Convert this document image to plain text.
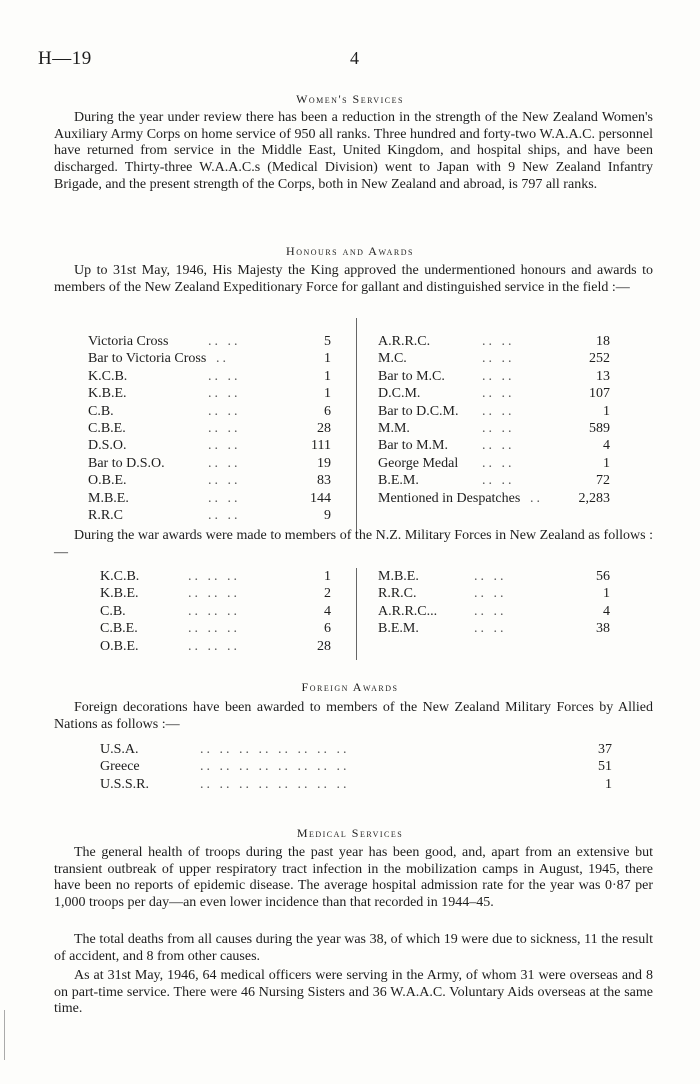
H—19	4
Women's Services

During the year under review there has been a reduction in the strength of the New Zealand Women's Auxiliary Army Corps on home service of 950 all ranks. Three hundred and forty-two W.A.A.C. personnel have returned from service in the Middle East, United Kingdom, and hospital ships, and have been discharged. Thirty-three W.A.A.C.s (Medical Division) went to Japan with 9 New Zealand Infantry Brigade, and the present strength of the Corps, both in New Zealand and abroad, is 797 all ranks.

Honours and Awards

Up to 31st May, 1946, His Majesty the King approved the undermentioned honours and awards to members of the New Zealand Expeditionary Force for gallant and distinguished service in the field :—

.. ..
Victoria Cross	5
..
Bar to Victoria Cross	1
.. ..
K.C.B.	1
.. ..
K.B.E.	1
.. ..
C.B.	6
.. ..
C.B.E.	28
.. ..
D.S.O.	111
.. ..
Bar to D.S.O.	19
.. ..
O.B.E.	83
.. ..
M.B.E.	144
.. ..
R.R.C	9
.. ..
A.R.R.C.	18
.. ..
M.C.	252
.. ..
Bar to M.C.	13
.. ..
D.C.M.	107
.. ..
Bar to D.C.M.	1
.. ..
M.M.	589
.. ..
Bar to M.M.	4
.. ..
George Medal	1
.. ..
B.E.M.	72
..
Mentioned in Despatches	2,283

During the war awards were made to members of the N.Z. Military Forces in New Zealand as follows :—

.. .. ..
K.C.B.	1
.. .. ..
K.B.E.	2
.. .. ..
C.B.	4
.. .. ..
C.B.E.	6
.. .. ..
O.B.E.	28
.. ..
M.B.E.	56
.. ..
R.R.C.	1
.. ..
A.R.R.C...	4
.. ..
B.E.M.	38
Foreign Awards

Foreign decorations have been awarded to members of the New Zealand Military Forces by Allied Nations as follows :—

.. .. .. .. .. .. .. ..
U.S.A.	37
.. .. .. .. .. .. .. ..
Greece	51
.. .. .. .. .. .. .. ..
U.S.S.R.	1
Medical Services

The general health of troops during the past year has been good, and, apart from an extensive but transient outbreak of upper respiratory tract infection in the mobilization camps in August, 1945, there have been no reports of epidemic disease. The average hospital admission rate for the year was 0·87 per 1,000 troops per day—an even lower incidence than that recorded in 1944–45.

The total deaths from all causes during the year was 38, of which 19 were due to sickness, 11 the result of accident, and 8 from other causes.

As at 31st May, 1946, 64 medical officers were serving in the Army, of whom 31 were overseas and 8 on part-time service. There were 46 Nursing Sisters and 36 W.A.A.C. Voluntary Aids overseas at the same time.
